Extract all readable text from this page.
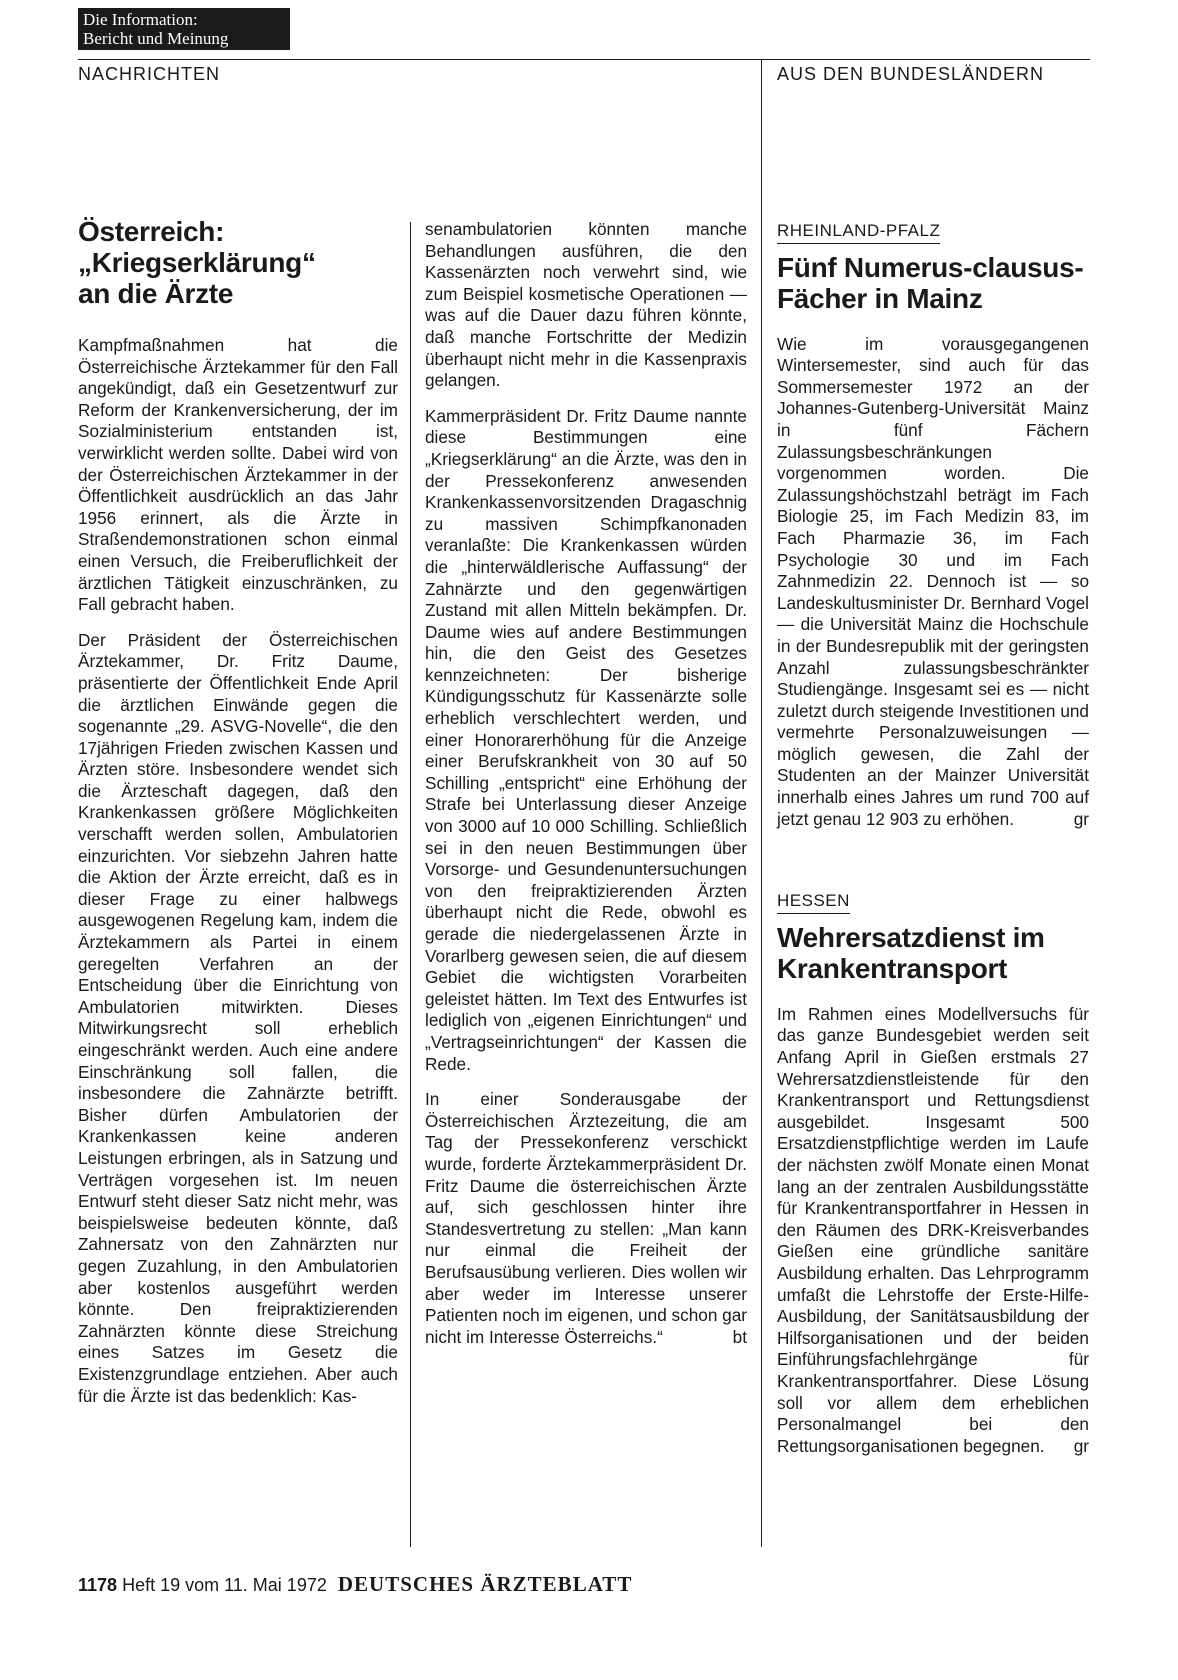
Die Information:
Bericht und Meinung
NACHRICHTEN	AUS DEN BUNDESLÄNDERN
Österreich:
„Kriegserklärung“
an die Ärzte

Kampfmaßnahmen hat die Österreichische Ärztekammer für den Fall angekündigt, daß ein Gesetzentwurf zur Reform der Krankenversicherung, der im Sozialministerium entstanden ist, verwirklicht werden sollte. Dabei wird von der Österreichischen Ärztekammer in der Öffentlichkeit ausdrücklich an das Jahr 1956 erinnert, als die Ärzte in Straßendemonstrationen schon einmal einen Versuch, die Freiberuflichkeit der ärztlichen Tätigkeit einzuschränken, zu Fall gebracht haben.

Der Präsident der Österreichischen Ärztekammer, Dr. Fritz Daume, präsentierte der Öffentlichkeit Ende April die ärztlichen Einwände gegen die sogenannte „29. ASVG-Novelle“, die den 17jährigen Frieden zwischen Kassen und Ärzten störe. Insbesondere wendet sich die Ärzteschaft dagegen, daß den Krankenkassen größere Möglichkeiten verschafft werden sollen, Ambulatorien einzurichten. Vor siebzehn Jahren hatte die Aktion der Ärzte erreicht, daß es in dieser Frage zu einer halbwegs ausgewogenen Regelung kam, indem die Ärztekammern als Partei in einem geregelten Verfahren an der Entscheidung über die Einrichtung von Ambulatorien mitwirkten. Dieses Mitwirkungsrecht soll erheblich eingeschränkt werden. Auch eine andere Einschränkung soll fallen, die insbesondere die Zahnärzte betrifft. Bisher dürfen Ambulatorien der Krankenkassen keine anderen Leistungen erbringen, als in Satzung und Verträgen vorgesehen ist. Im neuen Entwurf steht dieser Satz nicht mehr, was beispielsweise bedeuten könnte, daß Zahnersatz von den Zahnärzten nur gegen Zuzahlung, in den Ambulatorien aber kostenlos ausgeführt werden könnte. Den freipraktizierenden Zahnärzten könnte diese Streichung eines Satzes im Gesetz die Existenzgrundlage entziehen. Aber auch für die Ärzte ist das bedenklich: Kas-

senambulatorien könnten manche Behandlungen ausführen, die den Kassenärzten noch verwehrt sind, wie zum Beispiel kosmetische Operationen — was auf die Dauer dazu führen könnte, daß manche Fortschritte der Medizin überhaupt nicht mehr in die Kassenpraxis gelangen.

Kammerpräsident Dr. Fritz Daume nannte diese Bestimmungen eine „Kriegserklärung“ an die Ärzte, was den in der Pressekonferenz anwesenden Krankenkassenvorsitzenden Dragaschnig zu massiven Schimpfkanonaden veranlaßte: Die Krankenkassen würden die „hinterwäldlerische Auffassung“ der Zahnärzte und den gegenwärtigen Zustand mit allen Mitteln bekämpfen. Dr. Daume wies auf andere Bestimmungen hin, die den Geist des Gesetzes kennzeichneten: Der bisherige Kündigungsschutz für Kassenärzte solle erheblich verschlechtert werden, und einer Honorarerhöhung für die Anzeige einer Berufskrankheit von 30 auf 50 Schilling „entspricht“ eine Erhöhung der Strafe bei Unterlassung dieser Anzeige von 3000 auf 10 000 Schilling. Schließlich sei in den neuen Bestimmungen über Vorsorge- und Gesundenuntersuchungen von den freipraktizierenden Ärzten überhaupt nicht die Rede, obwohl es gerade die niedergelassenen Ärzte in Vorarlberg gewesen seien, die auf diesem Gebiet die wichtigsten Vorarbeiten geleistet hätten. Im Text des Entwurfes ist lediglich von „eigenen Einrichtungen“ und „Vertragseinrichtungen“ der Kassen die Rede.

In einer Sonderausgabe der Österreichischen Ärztezeitung, die am Tag der Pressekonferenz verschickt wurde, forderte Ärztekammerpräsident Dr. Fritz Daume die österreichischen Ärzte auf, sich geschlossen hinter ihre Standesvertretung zu stellen: „Man kann nur einmal die Freiheit der Berufsausübung verlieren. Dies wollen wir aber weder im Interesse unserer Patienten noch im eigenen, und schon gar nicht im Interesse Österreichs.“	bt

RHEINLAND-PFALZ
Fünf Numerus-clausus-
Fächer in Mainz

Wie im vorausgegangenen Wintersemester, sind auch für das Sommersemester 1972 an der Johannes-Gutenberg-Universität Mainz in fünf Fächern Zulassungsbeschränkungen vorgenommen worden. Die Zulassungshöchstzahl beträgt im Fach Biologie 25, im Fach Medizin 83, im Fach Pharmazie 36, im Fach Psychologie 30 und im Fach Zahnmedizin 22. Dennoch ist — so Landeskultusminister Dr. Bernhard Vogel — die Universität Mainz die Hochschule in der Bundesrepublik mit der geringsten Anzahl zulassungsbeschränkter Studiengänge. Insgesamt sei es — nicht zuletzt durch steigende Investitionen und vermehrte Personalzuweisungen — möglich gewesen, die Zahl der Studenten an der Mainzer Universität innerhalb eines Jahres um rund 700 auf jetzt genau 12 903 zu erhöhen.	gr

HESSEN
Wehrersatzdienst im
Krankentransport

Im Rahmen eines Modellversuchs für das ganze Bundesgebiet werden seit Anfang April in Gießen erstmals 27 Wehrersatzdienstleistende für den Krankentransport und Rettungsdienst ausgebildet. Insgesamt 500 Ersatzdienstpflichtige werden im Laufe der nächsten zwölf Monate einen Monat lang an der zentralen Ausbildungsstätte für Krankentransportfahrer in Hessen in den Räumen des DRK-Kreisverbandes Gießen eine gründliche sanitäre Ausbildung erhalten. Das Lehrprogramm umfaßt die Lehrstoffe der Erste-Hilfe-Ausbildung, der Sanitätsausbildung der Hilfsorganisationen und der beiden Einführungsfachlehrgänge für Krankentransportfahrer. Diese Lösung soll vor allem dem erheblichen Personalmangel bei den Rettungsorganisationen begegnen. gr

1178 Heft 19 vom 11. Mai 1972 DEUTSCHES ÄRZTEBLATT
